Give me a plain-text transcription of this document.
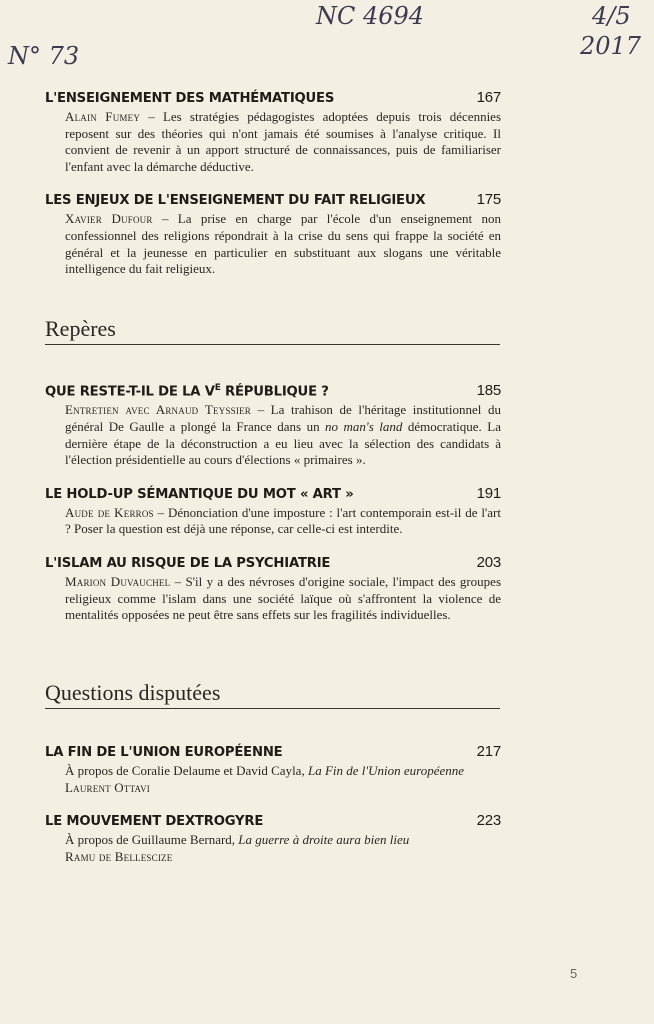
NC 4694
N° 73
4/5
2017
L'ENSEIGNEMENT DES MATHÉMATIQUES	167
Alain Fumey – Les stratégies pédagogistes adoptées depuis trois décennies reposent sur des théories qui n'ont jamais été soumises à l'analyse critique. Il convient de revenir à un apport structuré de connaissances, puis de familiariser l'enfant avec la démarche déductive.
LES ENJEUX DE L'ENSEIGNEMENT DU FAIT RELIGIEUX	175
Xavier Dufour – La prise en charge par l'école d'un enseignement non confessionnel des religions répondrait à la crise du sens qui frappe la société en général et la jeunesse en particulier en substituant aux slogans une véritable intelligence du fait religieux.
Repères
QUE RESTE-T-IL DE LA $V^E$ RÉPUBLIQUE ?	185
Entretien avec Arnaud Teyssier – La trahison de l'héritage institutionnel du général De Gaulle a plongé la France dans un no man's land démocratique. La dernière étape de la déconstruction a eu lieu avec la sélection des candidats à l'élection présidentielle au cours d'élections « primaires ».
LE HOLD-UP SÉMANTIQUE DU MOT « ART »	191
Aude de Kerros – Dénonciation d'une imposture : l'art contemporain est-il de l'art ? Poser la question est déjà une réponse, car celle-ci est interdite.
L'ISLAM AU RISQUE DE LA PSYCHIATRIE	203
Marion Duvauchel – S'il y a des névroses d'origine sociale, l'impact des groupes religieux comme l'islam dans une société laïque où s'affrontent la violence de mentalités opposées ne peut être sans effets sur les fragilités individuelles.
Questions disputées
LA FIN DE L'UNION EUROPÉENNE	217
À propos de Coralie Delaume et David Cayla, La Fin de l'Union européenne
Laurent Ottavi
LE MOUVEMENT DEXTROGYRE	223
À propos de Guillaume Bernard, La guerre à droite aura bien lieu
Ramu de Bellescize
5
